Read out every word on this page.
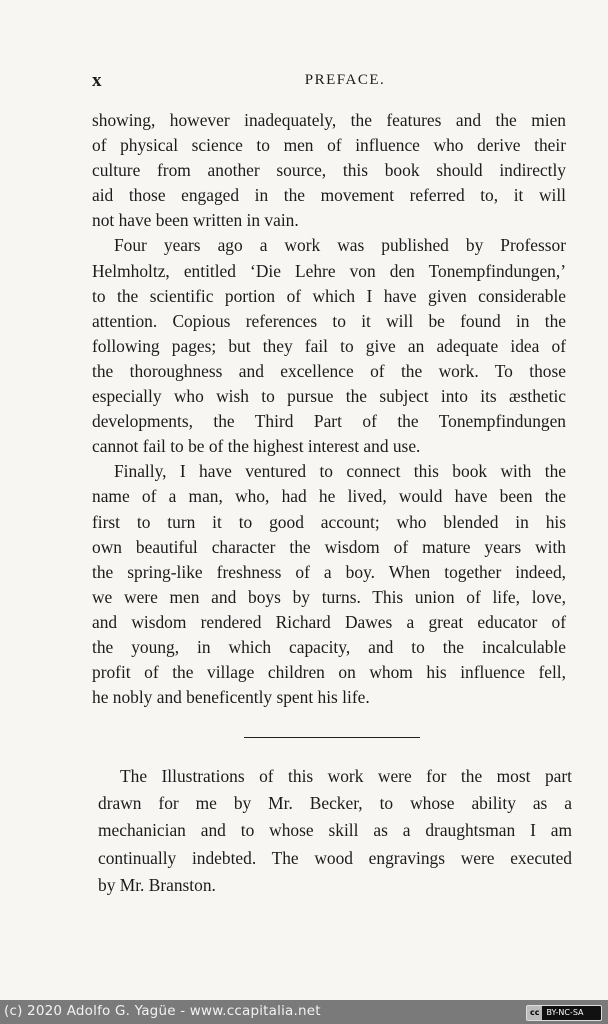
x	PREFACE.

showing, however inadequately, the features and the mien
of physical science to men of influence who derive their
culture from another source, this book should indirectly
aid those engaged in the movement referred to, it will
not have been written in vain.

Four years ago a work was published by Professor
Helmholtz, entitled ‘Die Lehre von den Tonempfindungen,’
to the scientific portion of which I have given considerable
attention. Copious references to it will be found in the
following pages; but they fail to give an adequate idea of
the thoroughness and excellence of the work. To those
especially who wish to pursue the subject into its æsthetic
developments, the Third Part of the Tonempfindungen
cannot fail to be of the highest interest and use.

Finally, I have ventured to connect this book with the
name of a man, who, had he lived, would have been the
first to turn it to good account; who blended in his
own beautiful character the wisdom of mature years with
the spring-like freshness of a boy. When together indeed,
we were men and boys by turns. This union of life, love,
and wisdom rendered Richard Dawes a great educator of
the young, in which capacity, and to the incalculable
profit of the village children on whom his influence fell,
he nobly and beneficently spent his life.

The Illustrations of this work were for the most part
drawn for me by Mr. Becker, to whose ability as a
mechanician and to whose skill as a draughtsman I am
continually indebted. The wood engravings were executed
by Mr. Branston.
(c) 2020 Adolfo G. Yagüe - www.ccapitalia.net	cc BY-NC-SA
